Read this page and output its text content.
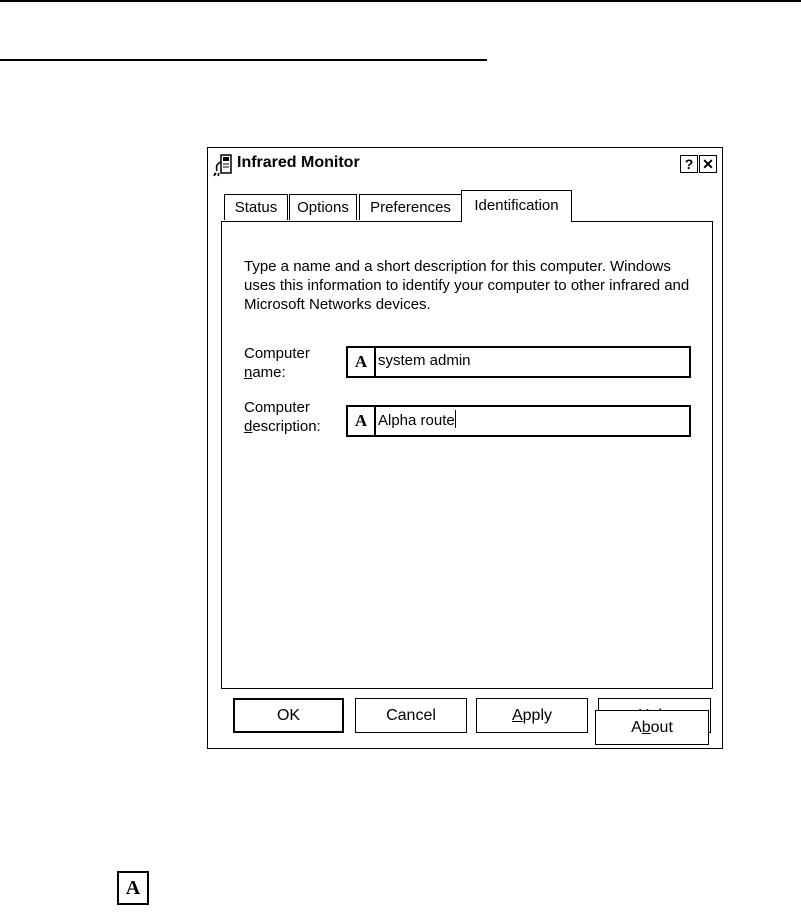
Infrared Monitor	? ✕
Status	Options	Preferences	Identification
Type a name and a short description for this computer. Windows uses this information to identify your computer to other infrared and Microsoft Networks devices.
Computer
name:
A system admin
Computer
description:	A Alpha route
About
OK	Cancel	Apply
A
